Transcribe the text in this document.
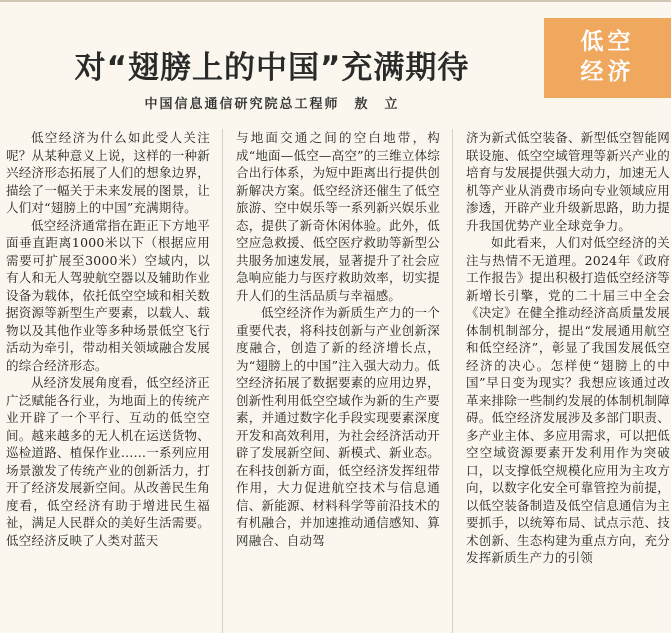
低空
经济
对“翅膀上的中国”充满期待
中国信息通信研究院总工程师　敖　立

低空经济为什么如此受人关注呢？从某种意义上说，这样的一种新兴经济形态拓展了人们的想象边界，描绘了一幅关于未来发展的图景，让人们对“翅膀上的中国”充满期待。

低空经济通常指在距正下方地平面垂直距离1000米以下（根据应用需要可扩展至3000米）空域内，以有人和无人驾驶航空器以及辅助作业设备为载体，依托低空空域和相关数据资源等新型生产要素，以载人、载物以及其他作业等多种场景低空飞行活动为牵引，带动相关领域融合发展的综合经济形态。

从经济发展角度看，低空经济正广泛赋能各行业，为地面上的传统产业开辟了一个平行、互动的低空空间。越来越多的无人机在运送货物、巡检道路、植保作业……一系列应用场景激发了传统产业的创新活力，打开了经济发展新空间。从改善民生角度看，低空经济有助于增进民生福祉，满足人民群众的美好生活需要。低空经济反映了人类对蓝天

与地面交通之间的空白地带，构成“地面—低空—高空”的三维立体综合出行体系，为短中距离出行提供创新解决方案。低空经济还催生了低空旅游、空中娱乐等一系列新兴娱乐业态，提供了新奇休闲体验。此外，低空应急救援、低空医疗救助等新型公共服务加速发展，显著提升了社会应急响应能力与医疗救助效率，切实提升人们的生活品质与幸福感。

低空经济作为新质生产力的一个重要代表，将科技创新与产业创新深度融合，创造了新的经济增长点，为“翅膀上的中国”注入强大动力。低空经济拓展了数据要素的应用边界，创新性利用低空空域作为新的生产要素，并通过数字化手段实现要素深度开发和高效利用，为社会经济活动开辟了发展新空间、新模式、新业态。在科技创新方面，低空经济发挥纽带作用，大力促进航空技术与信息通信、新能源、材料科学等前沿技术的有机融合，并加速推动通信感知、算网融合、自动驾

济为新式低空装备、新型低空智能网联设施、低空空域管理等新兴产业的培育与发展提供强大动力，加速无人机等产业从消费市场向专业领域应用渗透，开辟产业升级新思路，助力提升我国优势产业全球竞争力。

如此看来，人们对低空经济的关注与热情不无道理。2024年《政府工作报告》提出积极打造低空经济等新增长引擎，党的二十届三中全会《决定》在健全推动经济高质量发展体制机制部分，提出“发展通用航空和低空经济”，彰显了我国发展低空经济的决心。怎样使“翅膀上的中国”早日变为现实？我想应该通过改革来排除一些制约发展的体制机制障碍。低空经济发展涉及多部门职责、多产业主体、多应用需求，可以把低空空域资源要素开发利用作为突破口，以支撑低空规模化应用为主攻方向，以数字化安全可靠管控为前提，以低空装备制造及低空信息通信为主要抓手，以统筹布局、试点示范、技术创新、生态构建为重点方向，充分发挥新质生产力的引领
